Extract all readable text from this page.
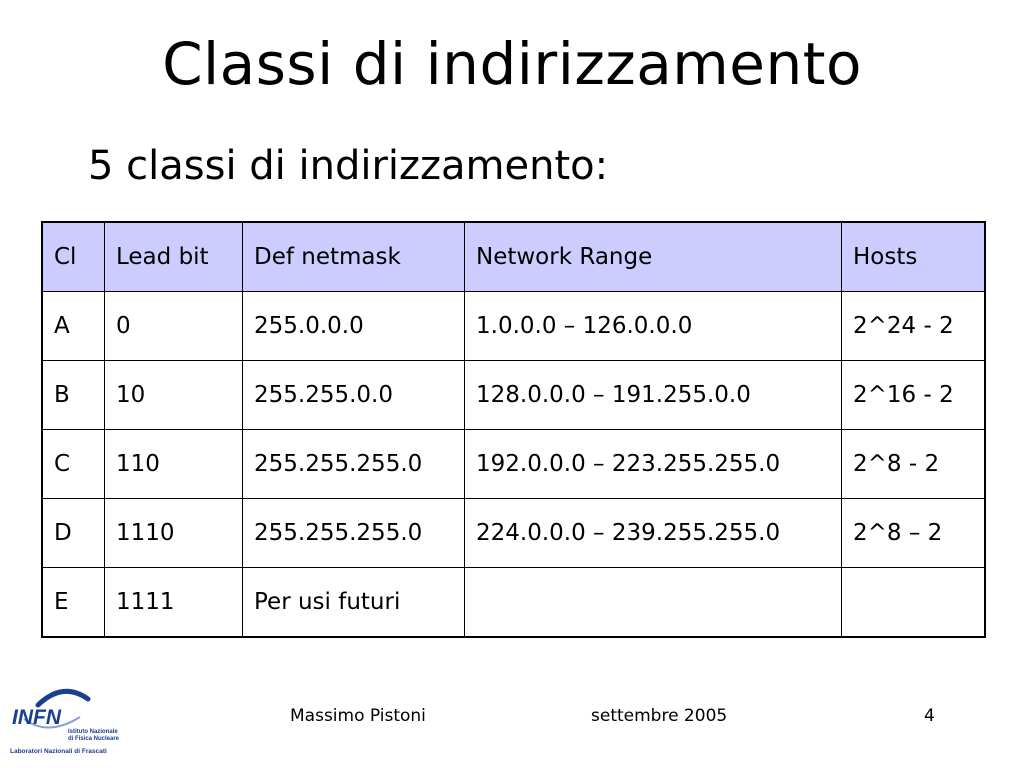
Classi di indirizzamento
5 classi di indirizzamento:
Cl	Lead bit	Def netmask	Network Range	Hosts
A	0	255.0.0.0	1.0.0.0 – 126.0.0.0	2^24 - 2
B	10	255.255.0.0	128.0.0.0 – 191.255.0.0	2^16 - 2
C	110	255.255.255.0	192.0.0.0 – 223.255.255.0	2^8 - 2
D	1110	255.255.255.0	224.0.0.0 – 239.255.255.0	2^8 – 2
E	1111	Per usi futuri		
INFN
Istituto Nazionale
di Fisica Nucleare
Laboratori Nazionali di Frascati
Massimo Pistoni	settembre 2005	4
